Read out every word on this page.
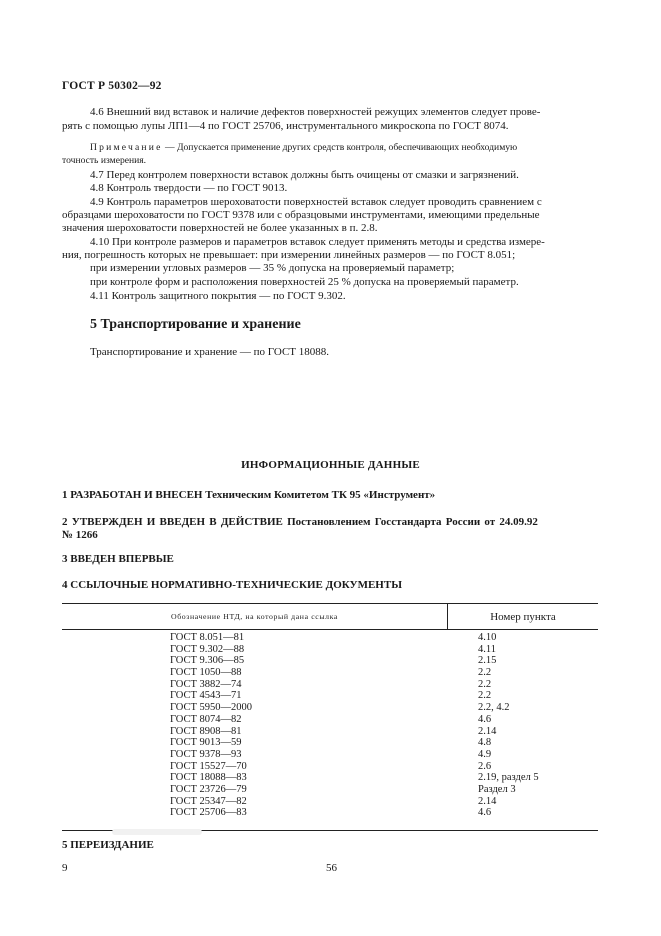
ГОСТ Р 50302—92
4.6 Внешний вид вставок и наличие дефектов поверхностей режущих элементов следует прове-
рять с помощью лупы ЛП1—4 по ГОСТ 25706, инструментального микроскопа по ГОСТ 8074.
Примечание — Допускается применение других средств контроля, обеспечивающих необходимую
точность измерения.
4.7 Перед контролем поверхности вставок должны быть очищены от смазки и загрязнений.
4.8 Контроль твердости — по ГОСТ 9013.
4.9 Контроль параметров шероховатости поверхностей вставок следует проводить сравнением с
образцами шероховатости по ГОСТ 9378 или с образцовыми инструментами, имеющими предельные
значения шероховатости поверхностей не более указанных в п. 2.8.
4.10 При контроле размеров и параметров вставок следует применять методы и средства измере-
ния, погрешность которых не превышает: при измерении линейных размеров — по ГОСТ 8.051;
при измерении угловых размеров — 35 % допуска на проверяемый параметр;
при контроле форм и расположения поверхностей 25 % допуска на проверяемый параметр.
4.11 Контроль защитного покрытия — по ГОСТ 9.302.
5 Транспортирование и хранение
Транспортирование и хранение — по ГОСТ 18088.
ИНФОРМАЦИОННЫЕ ДАННЫЕ
1 РАЗРАБОТАН И ВНЕСЕН Техническим Комитетом ТК 95 «Инструмент»
2 УТВЕРЖДЕН И ВВЕДЕН В ДЕЙСТВИЕ Постановлением Госстандарта России от 24.09.92
№ 1266
3 ВВЕДЕН ВПЕРВЫЕ
4 ССЫЛОЧНЫЕ НОРМАТИВНО-ТЕХНИЧЕСКИЕ ДОКУМЕНТЫ
Обозначение НТД, на который дана ссылка	Номер пункта
ГОСТ 8.051—81
ГОСТ 9.302—88
ГОСТ 9.306—85
ГОСТ 1050—88
ГОСТ 3882—74
ГОСТ 4543—71
ГОСТ 5950—2000
ГОСТ 8074—82
ГОСТ 8908—81
ГОСТ 9013—59
ГОСТ 9378—93
ГОСТ 15527—70
ГОСТ 18088—83
ГОСТ 23726—79
ГОСТ 25347—82
ГОСТ 25706—83
4.10
4.11
2.15
2.2
2.2
2.2
2.2, 4.2
4.6
2.14
4.8
4.9
2.6
2.19, раздел 5
Раздел 3
2.14
4.6
5 ПЕРЕИЗДАНИЕ
9	56
